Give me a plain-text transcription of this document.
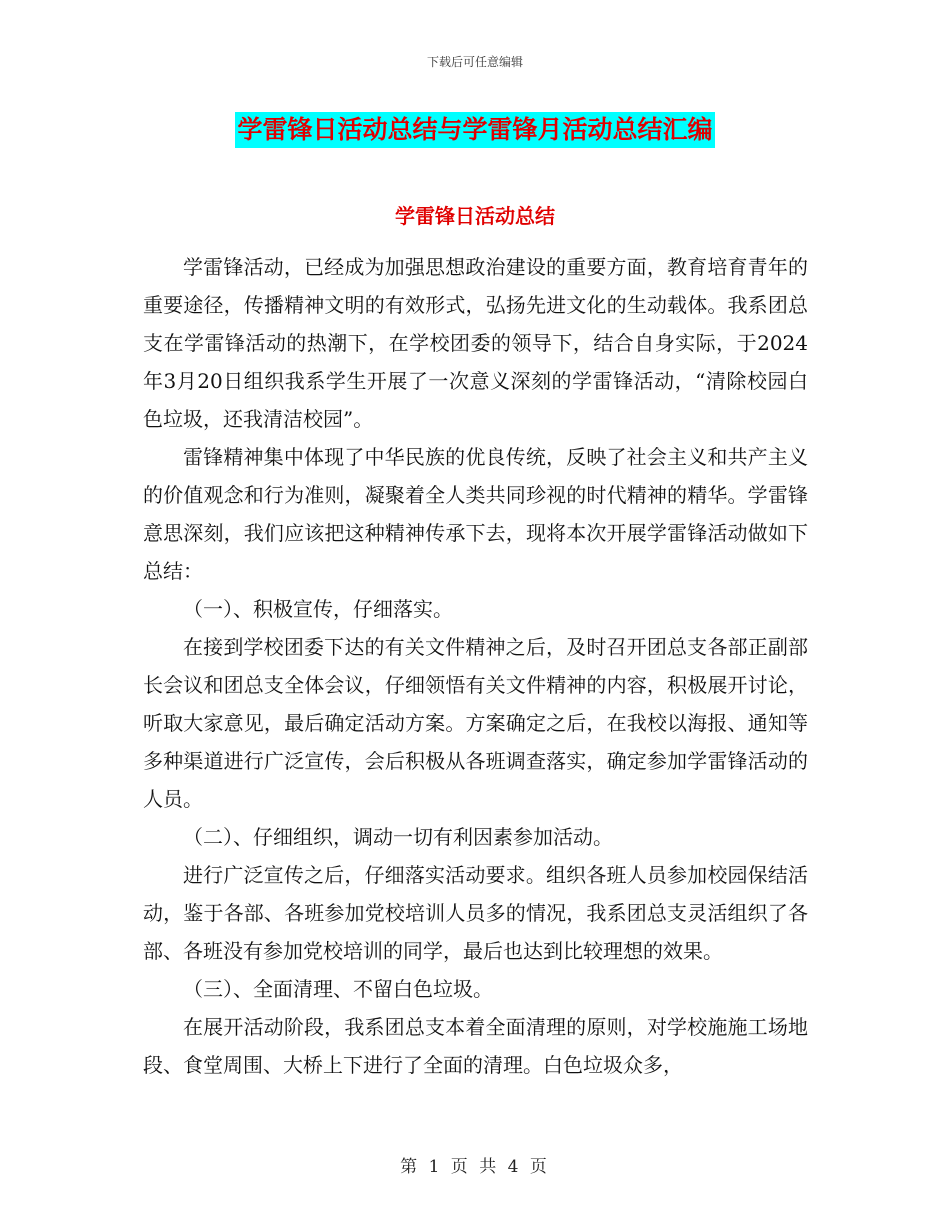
下载后可任意编辑
学雷锋日活动总结与学雷锋月活动总结汇编
学雷锋日活动总结

学雷锋活动，已经成为加强思想政治建设的重要方面，教育培育青年的重要途径，传播精神文明的有效形式，弘扬先进文化的生动载体。我系团总支在学雷锋活动的热潮下，在学校团委的领导下，结合自身实际，于2024年3月20日组织我系学生开展了一次意义深刻的学雷锋活动，“清除校园白色垃圾，还我清洁校园”。

雷锋精神集中体现了中华民族的优良传统，反映了社会主义和共产主义的价值观念和行为准则，凝聚着全人类共同珍视的时代精神的精华。学雷锋意思深刻，我们应该把这种精神传承下去，现将本次开展学雷锋活动做如下总结：

（一）、积极宣传，仔细落实。

在接到学校团委下达的有关文件精神之后，及时召开团总支各部正副部长会议和团总支全体会议，仔细领悟有关文件精神的内容，积极展开讨论，听取大家意见，最后确定活动方案。方案确定之后，在我校以海报、通知等多种渠道进行广泛宣传，会后积极从各班调查落实，确定参加学雷锋活动的人员。

（二）、仔细组织，调动一切有利因素参加活动。

进行广泛宣传之后，仔细落实活动要求。组织各班人员参加校园保结活动，鉴于各部、各班参加党校培训人员多的情况，我系团总支灵活组织了各部、各班没有参加党校培训的同学，最后也达到比较理想的效果。

（三）、全面清理、不留白色垃圾。

在展开活动阶段，我系团总支本着全面清理的原则，对学校施施工场地段、食堂周围、大桥上下进行了全面的清理。白色垃圾众多，

第 1 页 共 4 页
